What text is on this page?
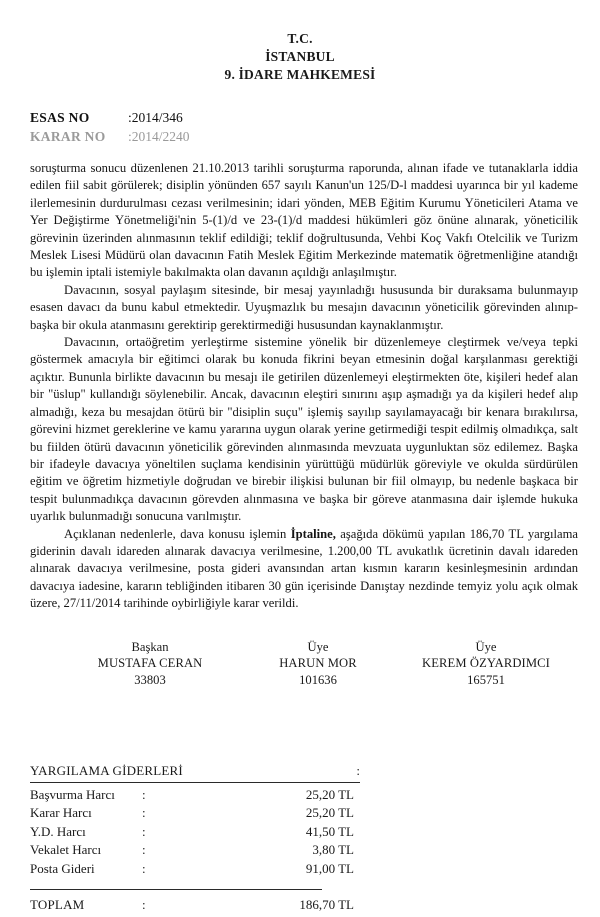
T.C.
İSTANBUL
9. İDARE MAHKEMESİ
ESAS NO	: 2014/346
KARAR NO	: 2014/2240

soruşturma sonucu düzenlenen 21.10.2013 tarihli soruşturma raporunda, alınan ifade ve tutanaklarla iddia edilen fiil sabit görülerek; disiplin yönünden 657 sayılı Kanun'un 125/D-l maddesi uyarınca bir yıl kademe ilerlemesinin durdurulması cezası verilmesinin; idari yönden, MEB Eğitim Kurumu Yöneticileri Atama ve Yer Değiştirme Yönetmeliği'nin 5-(1)/d ve 23-(1)/d maddesi hükümleri göz önüne alınarak, yöneticilik görevinin üzerinden alınmasının teklif edildiği; teklif doğrultusunda, Vehbi Koç Vakfı Otelcilik ve Turizm Meslek Lisesi Müdürü olan davacının Fatih Meslek Eğitim Merkezinde matematik öğretmenliğine atandığı bu işlemin iptali istemiyle bakılmakta olan davanın açıldığı anlaşılmıştır.

Davacının, sosyal paylaşım sitesinde, bir mesaj yayınladığı hususunda bir duraksama bulunmayıp esasen davacı da bunu kabul etmektedir. Uyuşmazlık bu mesajın davacının yöneticilik görevinden alınıp-başka bir okula atanmasını gerektirip gerektirmediği hususundan kaynaklanmıştır.

Davacının, ortaöğretim yerleştirme sistemine yönelik bir düzenlemeye cleştirmek ve/veya tepki göstermek amacıyla bir eğitimci olarak bu konuda fikrini beyan etmesinin doğal karşılanması gerektiği açıktır. Bununla birlikte davacının bu mesajı ile getirilen düzenlemeyi eleştirmekten öte, kişileri hedef alan bir "üslup" kullandığı söylenebilir. Ancak, davacının eleştiri sınırını aşıp aşmadığı ya da kişileri hedef alıp almadığı, keza bu mesajdan ötürü bir "disiplin suçu" işlemiş sayılıp sayılamayacağı bir kenara bırakılırsa, görevini hizmet gereklerine ve kamu yararına uygun olarak yerine getirmediği tespit edilmiş olmadıkça, salt bu fiilden ötürü davacının yöneticilik görevinden alınmasında mevzuata uygunluktan söz edilemez. Başka bir ifadeyle davacıya yöneltilen suçlama kendisinin yürüttüğü müdürlük göreviyle ve okulda sürdürülen eğitim ve öğretim hizmetiyle doğrudan ve birebir ilişkisi bulunan bir fiil olmayıp, bu nedenle başkaca bir tespit bulunmadıkça davacının görevden alınmasına ve başka bir göreve atanmasına dair işlemde hukuka uyarlık bulunmadığı sonucuna varılmıştır.

Açıklanan nedenlerle, dava konusu işlemin İptaline, aşağıda dökümü yapılan 186,70 TL yargılama giderinin davalı idareden alınarak davacıya verilmesine, 1.200,00 TL avukatlık ücretinin davalı idareden alınarak davacıya verilmesine, posta gideri avansından artan kısmın kararın kesinleşmesinin ardından davacıya iadesine, kararın tebliğinden itibaren 30 gün içerisinde Danıştay nezdinde temyiz yolu açık olmak üzere, 27/11/2014 tarihinde oybirliğiyle karar verildi.

Başkan
MUSTAFA CERAN
33803
Üye
HARUN MOR
101636
Üye
KEREM ÖZYARDIMCI
165751
YARGILAMA GİDERLERİ	:
Başvurma Harcı	:	25,20 TL
Karar Harcı	:	25,20 TL
Y.D. Harcı	:	41,50 TL
Vekalet Harcı	:	3,80 TL
Posta Gideri	:	91,00 TL
TOPLAM	:	186,70 TL
